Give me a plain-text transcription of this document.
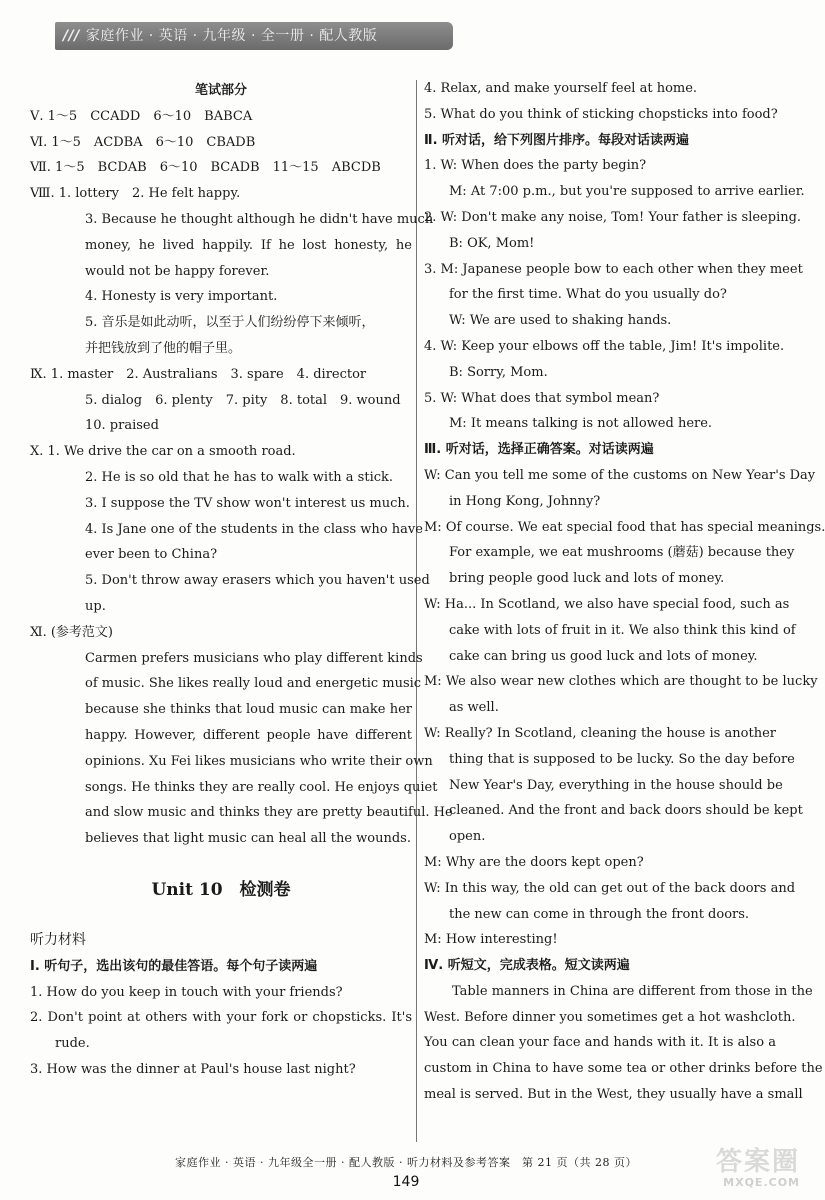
/// 家庭作业 · 英语 · 九年级 · 全一册 · 配人教版
笔试部分
Ⅴ. 1～5　CCADD　6～10　BABCA
Ⅵ. 1～5　ACDBA　6～10　CBADB
Ⅶ. 1～5　BCDAB　6～10　BCADB　11～15　ABCDB
Ⅷ. 1. lottery　2. He felt happy.
3. Because he thought although he didn't have much
money, he lived happily. If he lost honesty, he
would not be happy forever.
4. Honesty is very important.
5. 音乐是如此动听，以至于人们纷纷停下来倾听，
并把钱放到了他的帽子里。
Ⅸ. 1. master　2. Australians　3. spare　4. director
5. dialog　6. plenty　7. pity　8. total　9. wound
10. praised
Ⅹ. 1. We drive the car on a smooth road.
2. He is so old that he has to walk with a stick.
3. I suppose the TV show won't interest us much.
4. Is Jane one of the students in the class who have
ever been to China?
5. Don't throw away erasers which you haven't used
up.
Ⅺ. (参考范文)
Carmen prefers musicians who play different kinds
of music. She likes really loud and energetic music
because she thinks that loud music can make her
happy. However, different people have different
opinions. Xu Fei likes musicians who write their own
songs. He thinks they are really cool. He enjoys quiet
and slow music and thinks they are pretty beautiful. He
believes that light music can heal all the wounds.
Unit 10　检测卷
听力材料
Ⅰ. 听句子，选出该句的最佳答语。每个句子读两遍
1. How do you keep in touch with your friends?
2. Don't point at others with your fork or chopsticks. It's
rude.
3. How was the dinner at Paul's house last night?
4. Relax, and make yourself feel at home.
5. What do you think of sticking chopsticks into food?
Ⅱ. 听对话，给下列图片排序。每段对话读两遍
1. W: When does the party begin?
M: At 7:00 p.m., but you're supposed to arrive earlier.
2. W: Don't make any noise, Tom! Your father is sleeping.
B: OK, Mom!
3. M: Japanese people bow to each other when they meet
for the first time. What do you usually do?
W: We are used to shaking hands.
4. W: Keep your elbows off the table, Jim! It's impolite.
B: Sorry, Mom.
5. W: What does that symbol mean?
M: It means talking is not allowed here.
Ⅲ. 听对话，选择正确答案。对话读两遍
W: Can you tell me some of the customs on New Year's Day
in Hong Kong, Johnny?
M: Of course. We eat special food that has special meanings.
For example, we eat mushrooms (蘑菇) because they
bring people good luck and lots of money.
W: Ha... In Scotland, we also have special food, such as
cake with lots of fruit in it. We also think this kind of
cake can bring us good luck and lots of money.
M: We also wear new clothes which are thought to be lucky
as well.
W: Really? In Scotland, cleaning the house is another
thing that is supposed to be lucky. So the day before
New Year's Day, everything in the house should be
cleaned. And the front and back doors should be kept
open.
M: Why are the doors kept open?
W: In this way, the old can get out of the back doors and
the new can come in through the front doors.
M: How interesting!
Ⅳ. 听短文，完成表格。短文读两遍
Table manners in China are different from those in the
West. Before dinner you sometimes get a hot washcloth.
You can clean your face and hands with it. It is also a
custom in China to have some tea or other drinks before the
meal is served. But in the West, they usually have a small
家庭作业 · 英语 · 九年级全一册 · 配人教版 · 听力材料及参考答案　第 21 页（共 28 页）
149
答案圈
MXQE.COM
